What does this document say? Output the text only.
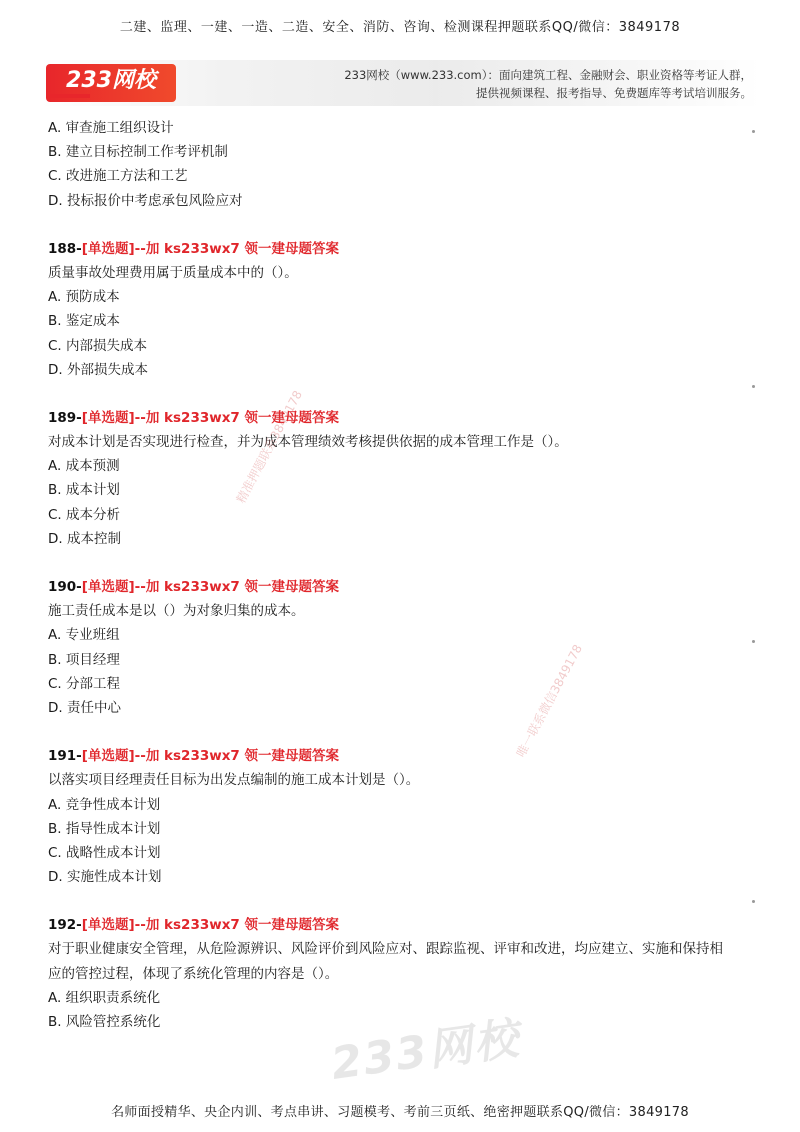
二建、监理、一建、一造、二造、安全、消防、咨询、检测课程押题联系QQ/微信：3849178
233网校	233网校（www.233.com）：面向建筑工程、金融财会、职业资格等考证人群，
提供视频课程、报考指导、免费题库等考试培训服务。
A. 审查施工组织设计
B. 建立目标控制工作考评机制
C. 改进施工方法和工艺
D. 投标报价中考虑承包风险应对
188-[单选题]--加 ks233wx7 领一建母题答案
质量事故处理费用属于质量成本中的（）。
A. 预防成本
B. 鉴定成本
C. 内部损失成本
D. 外部损失成本
189-[单选题]--加 ks233wx7 领一建母题答案
对成本计划是否实现进行检查，并为成本管理绩效考核提供依据的成本管理工作是（）。
A. 成本预测
B. 成本计划
C. 成本分析
D. 成本控制
190-[单选题]--加 ks233wx7 领一建母题答案
施工责任成本是以（）为对象归集的成本。
A. 专业班组
B. 项目经理
C. 分部工程
D. 责任中心
191-[单选题]--加 ks233wx7 领一建母题答案
以落实项目经理责任目标为出发点编制的施工成本计划是（）。
A. 竞争性成本计划
B. 指导性成本计划
C. 战略性成本计划
D. 实施性成本计划
192-[单选题]--加 ks233wx7 领一建母题答案
对于职业健康安全管理，从危险源辨识、风险评价到风险应对、跟踪监视、评审和改进，均应建立、实施和保持相
应的管控过程，体现了系统化管理的内容是（）。
A. 组织职责系统化
B. 风险管控系统化
精准押题联系3849178
唯一联系微信3849178
233网校
名师面授精华、央企内训、考点串讲、习题模考、考前三页纸、绝密押题联系QQ/微信：3849178
